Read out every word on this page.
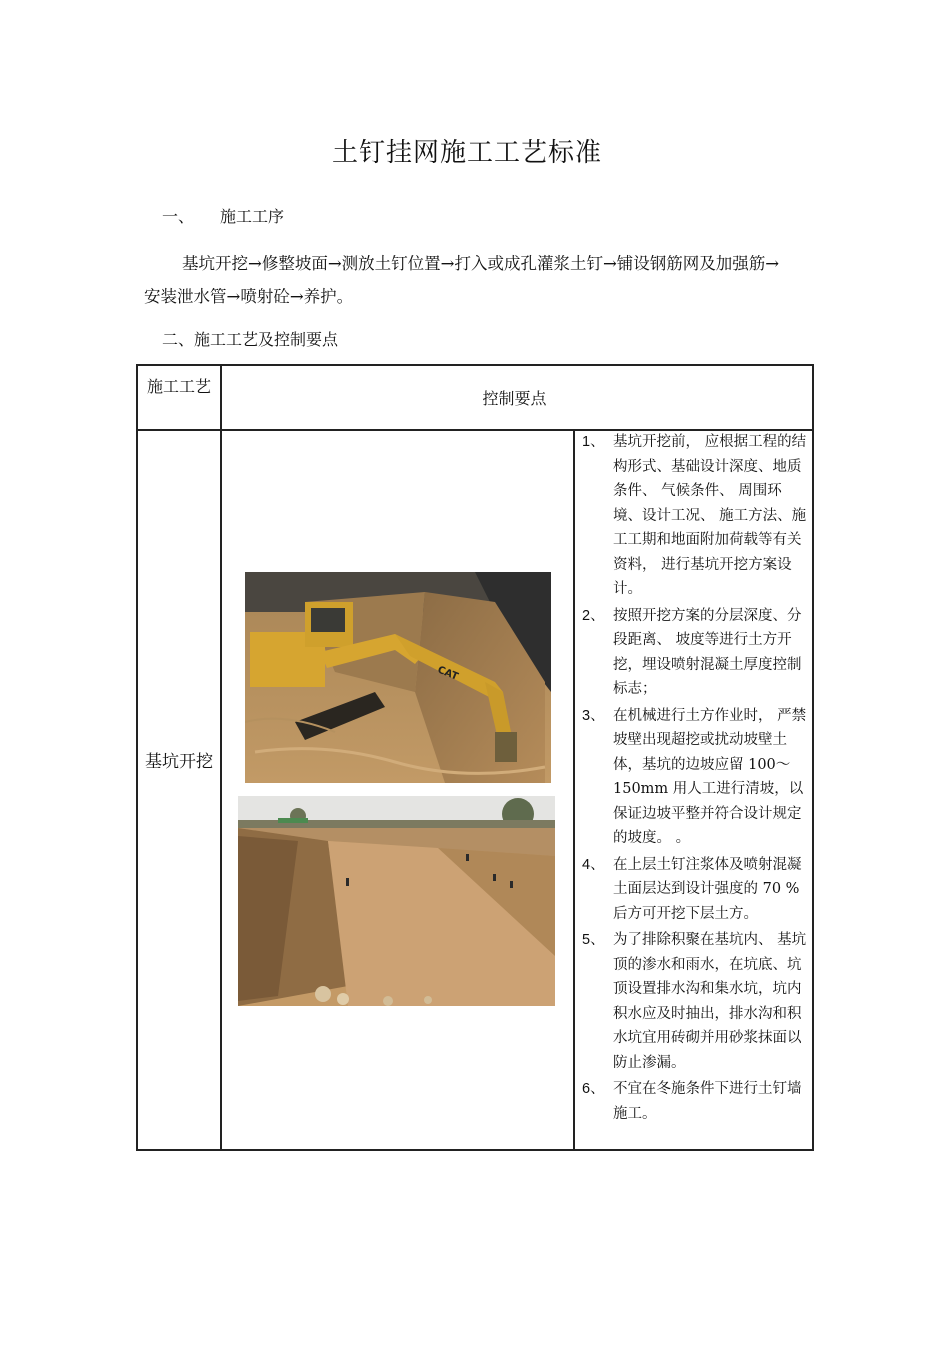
土钉挂网施工工艺标准
一、 施工工序
基坑开挖→修整坡面→测放土钉位置→打入或成孔灌浆土钉→铺设钢筋网及加强筋→安装泄水管→喷射砼→养护。
二、施工工艺及控制要点
施工工艺
控制要点
基坑开挖
CAT
1、 基坑开挖前， 应根据工程的结构形式、基础设计深度、地质条件、 气候条件、 周围环境、设计工况、 施工方法、施工工期和地面附加荷载等有关资料， 进行基坑开挖方案设计。
2、 按照开挖方案的分层深度、分段距离、 坡度等进行土方开挖，埋设喷射混凝土厚度控制标志；
3、 在机械进行土方作业时， 严禁坡壁出现超挖或扰动坡壁土体，基坑的边坡应留 100～150mm 用人工进行清坡，以保证边坡平整并符合设计规定的坡度。 。
4、 在上层土钉注浆体及喷射混凝土面层达到设计强度的 70 %后方可开挖下层土方。
5、 为了排除积聚在基坑内、 基坑顶的渗水和雨水，在坑底、坑顶设置排水沟和集水坑，坑内积水应及时抽出，排水沟和积水坑宜用砖砌并用砂浆抹面以防止渗漏。
6、 不宜在冬施条件下进行土钉墙施工。
